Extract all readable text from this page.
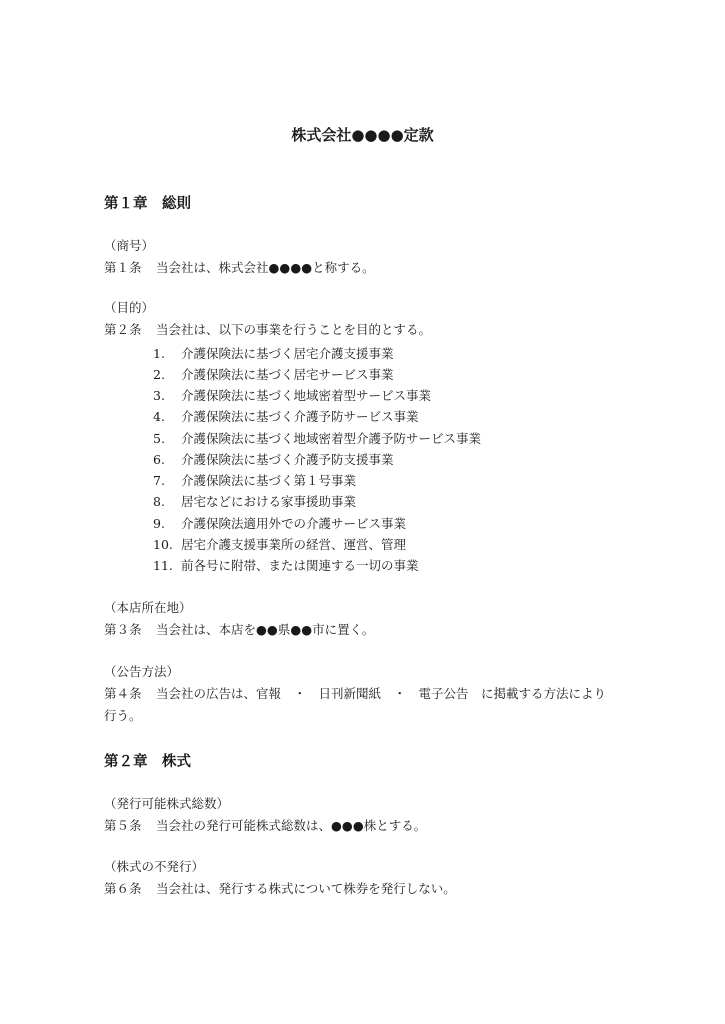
株式会社●●●●定款
第１章　総則
（商号）
第１条 当会社は、株式会社●●●●と称する。
（目的）
第２条 当会社は、以下の事業を行うことを目的とする。
1. 介護保険法に基づく居宅介護支援事業
2. 介護保険法に基づく居宅サービス事業
3. 介護保険法に基づく地域密着型サービス事業
4. 介護保険法に基づく介護予防サービス事業
5. 介護保険法に基づく地域密着型介護予防サービス事業
6. 介護保険法に基づく介護予防支援事業
7. 介護保険法に基づく第１号事業
8. 居宅などにおける家事援助事業
9. 介護保険法適用外での介護サービス事業
10. 居宅介護支援事業所の経営、運営、管理
11. 前各号に附帯、または関連する一切の事業
（本店所在地）
第３条 当会社は、本店を●●県●●市に置く。
（公告方法）
第４条 当会社の広告は、官報　・　日刊新聞紙　・　電子公告　に掲載する方法により
行う。
第２章　株式
（発行可能株式総数）
第５条 当会社の発行可能株式総数は、●●●株とする。
（株式の不発行）
第６条 当会社は、発行する株式について株券を発行しない。
